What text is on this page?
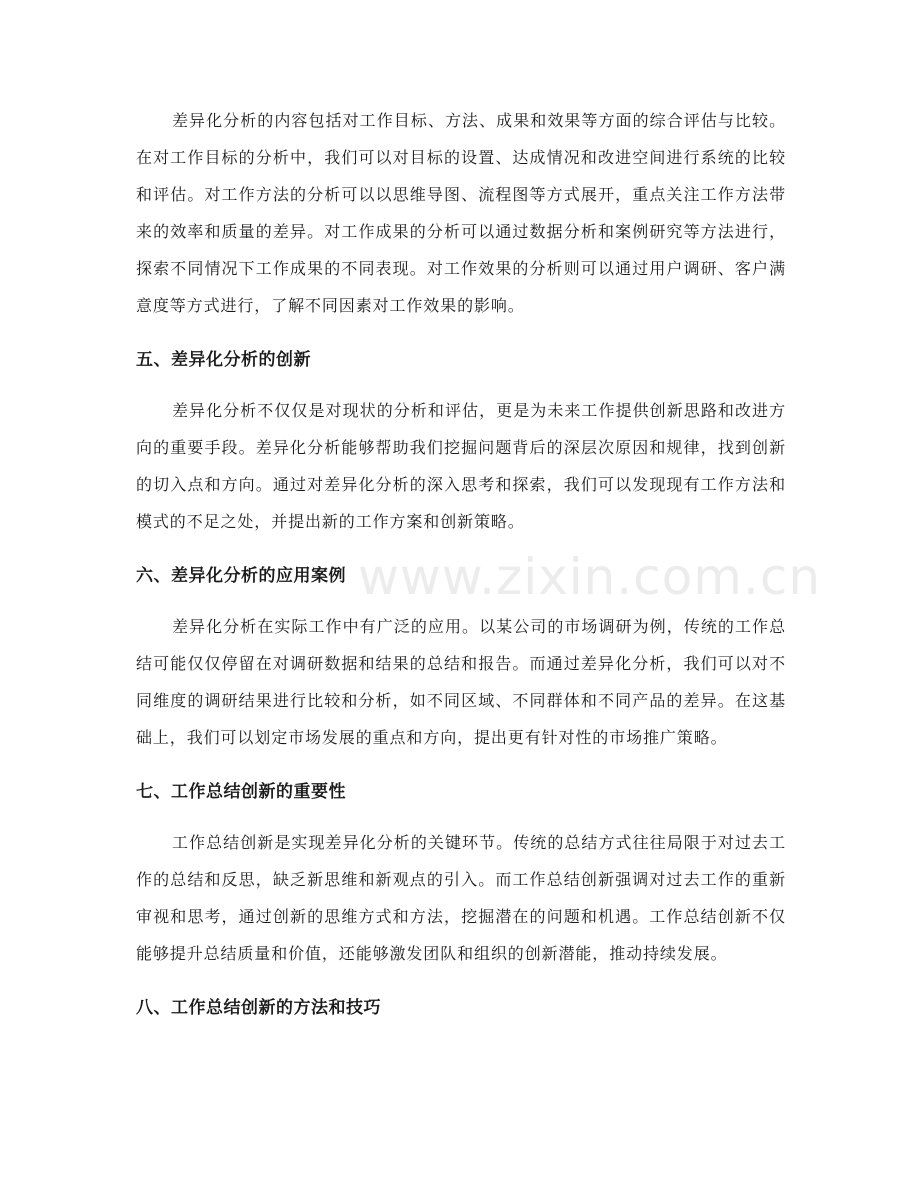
差异化分析的内容包括对工作目标、方法、成果和效果等方面的综合评估与比较。在对工作目标的分析中，我们可以对目标的设置、达成情况和改进空间进行系统的比较和评估。对工作方法的分析可以以思维导图、流程图等方式展开，重点关注工作方法带来的效率和质量的差异。对工作成果的分析可以通过数据分析和案例研究等方法进行，探索不同情况下工作成果的不同表现。对工作效果的分析则可以通过用户调研、客户满意度等方式进行，了解不同因素对工作效果的影响。

五、差异化分析的创新

差异化分析不仅仅是对现状的分析和评估，更是为未来工作提供创新思路和改进方向的重要手段。差异化分析能够帮助我们挖掘问题背后的深层次原因和规律，找到创新的切入点和方向。通过对差异化分析的深入思考和探索，我们可以发现现有工作方法和模式的不足之处，并提出新的工作方案和创新策略。

六、差异化分析的应用案例

差异化分析在实际工作中有广泛的应用。以某公司的市场调研为例，传统的工作总结可能仅仅停留在对调研数据和结果的总结和报告。而通过差异化分析，我们可以对不同维度的调研结果进行比较和分析，如不同区域、不同群体和不同产品的差异。在这基础上，我们可以划定市场发展的重点和方向，提出更有针对性的市场推广策略。

七、工作总结创新的重要性

工作总结创新是实现差异化分析的关键环节。传统的总结方式往往局限于对过去工作的总结和反思，缺乏新思维和新观点的引入。而工作总结创新强调对过去工作的重新审视和思考，通过创新的思维方式和方法，挖掘潜在的问题和机遇。工作总结创新不仅能够提升总结质量和价值，还能够激发团队和组织的创新潜能，推动持续发展。

八、工作总结创新的方法和技巧
www.zixin.com.cn
